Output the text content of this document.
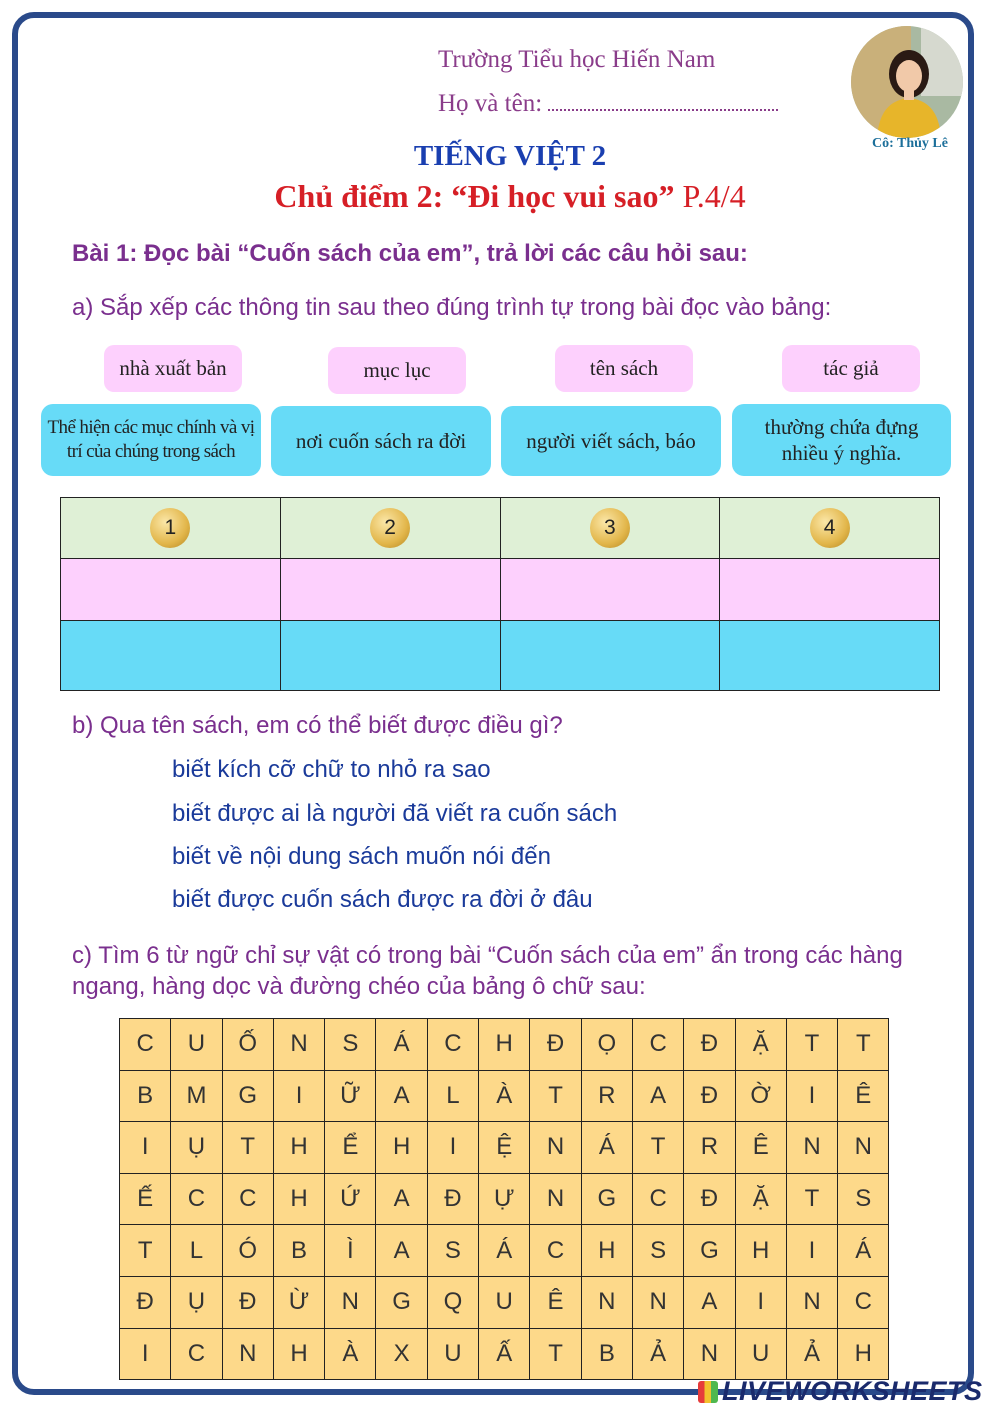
Trường Tiểu học Hiến Nam
Họ và tên:
Cô: Thủy Lê
TIẾNG VIỆT 2
Chủ điểm 2: “Đi học vui sao” P.4/4
Bài 1: Đọc bài “Cuốn sách của em”, trả lời các câu hỏi sau:
a) Sắp xếp các thông tin sau theo đúng trình tự trong bài đọc vào bảng:
nhà xuất bản	mục lục	tên sách	tác giả
Thể hiện các mục chính và vị trí của chúng trong sách	nơi cuốn sách ra đời	người viết sách, báo
thường chứa đựng nhiều ý nghĩa.
1	2	3	4

b) Qua tên sách, em có thể biết được điều gì?
biết kích cỡ chữ to nhỏ ra sao
biết được ai là người đã viết ra cuốn sách
biết về nội dung sách muốn nói đến
biết được cuốn sách được ra đời ở đâu
c) Tìm 6 từ ngữ chỉ sự vật có trong bài “Cuốn sách của em” ẩn trong các hàng ngang, hàng dọc và đường chéo của bảng ô chữ sau:
C	U	Ố	N	S	Á	C	H	Đ	Ọ	C	Đ	Ặ	T	T
B	M	G	I	Ữ	A	L	À	T	R	A	Đ	Ờ	I	Ê
I	Ụ	T	H	Ể	H	I	Ệ	N	Á	T	R	Ê	N	N
Ế	C	C	H	Ứ	A	Đ	Ự	N	G	C	Đ	Ặ	T	S
T	L	Ó	B	Ì	A	S	Á	C	H	S	G	H	I	Á
Đ	Ụ	Đ	Ừ	N	G	Q	U	Ê	N	N	A	I	N	C
I	C	N	H	À	X	U	Ấ	T	B	Ả	N	U	Ả	H
LIVEWORKSHEETS
